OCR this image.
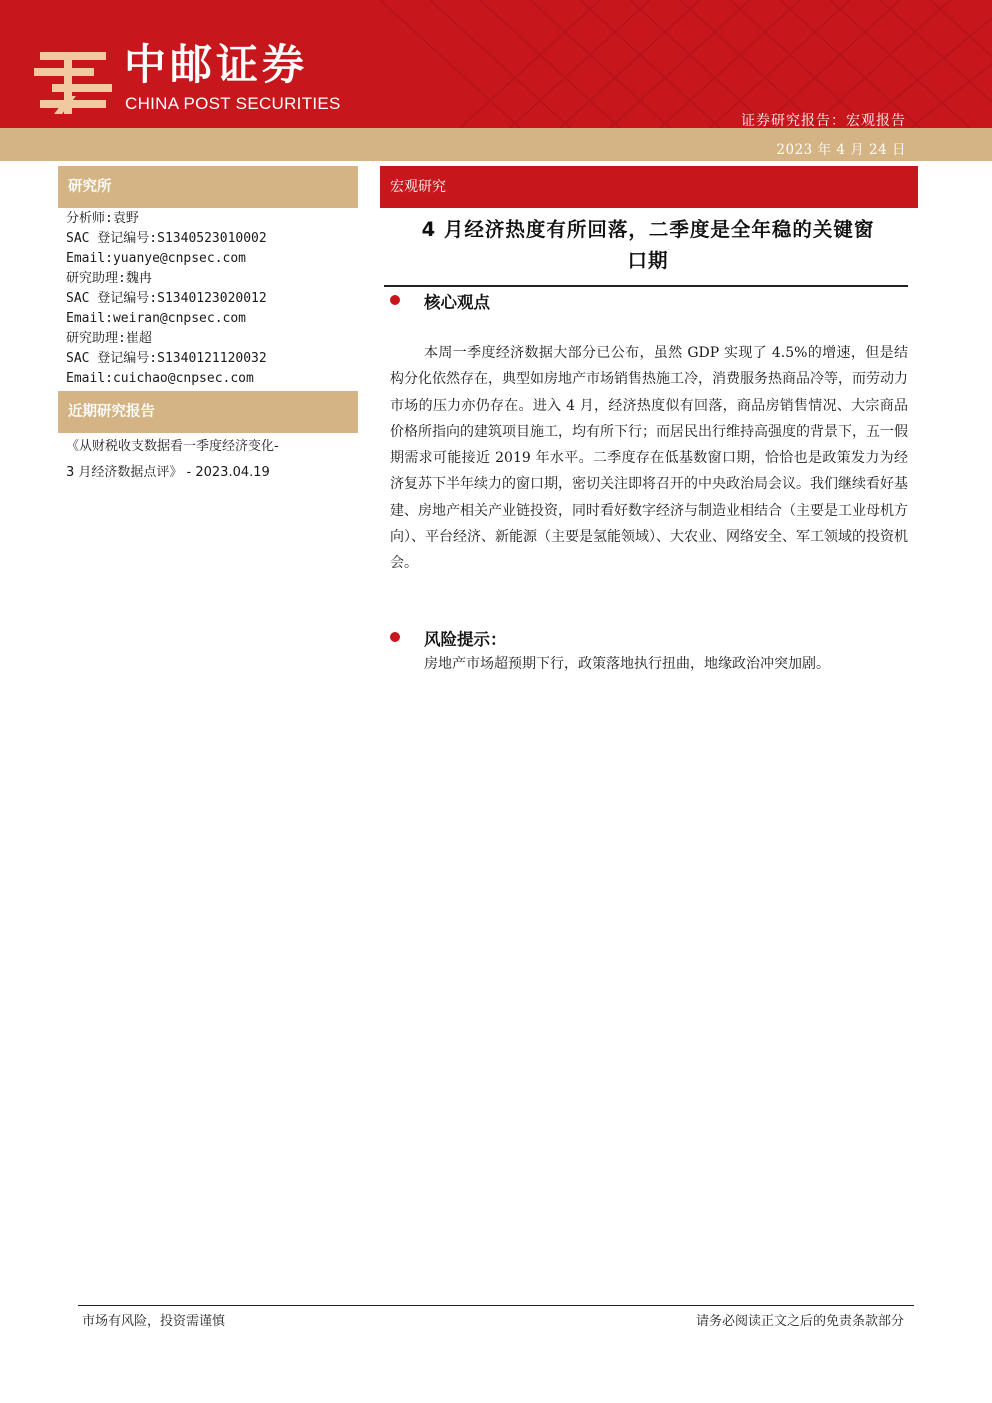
中邮证券
CHINA POST SECURITIES
证券研究报告：宏观报告
2023 年 4 月 24 日
研究所
分析师:袁野
SAC 登记编号:S1340523010002
Email:yuanye@cnpsec.com
研究助理:魏冉
SAC 登记编号:S1340123020012
Email:weiran@cnpsec.com
研究助理:崔超
SAC 登记编号:S1340121120032
Email:cuichao@cnpsec.com
近期研究报告
《从财税收支数据看一季度经济变化-
3 月经济数据点评》 - 2023.04.19
宏观研究
4 月经济热度有所回落，二季度是全年稳的关键窗
口期
核心观点
本周一季度经济数据大部分已公布，虽然 GDP 实现了 4.5%的增速，但是结构分化依然存在，典型如房地产市场销售热施工冷，消费服务热商品冷等，而劳动力市场的压力亦仍存在。进入 4 月，经济热度似有回落，商品房销售情况、大宗商品价格所指向的建筑项目施工，均有所下行；而居民出行维持高强度的背景下，五一假期需求可能接近 2019 年水平。二季度存在低基数窗口期，恰恰也是政策发力为经济复苏下半年续力的窗口期，密切关注即将召开的中央政治局会议。我们继续看好基建、房地产相关产业链投资，同时看好数字经济与制造业相结合（主要是工业母机方向）、平台经济、新能源（主要是氢能领域）、大农业、网络安全、军工领域的投资机会。
风险提示：
房地产市场超预期下行，政策落地执行扭曲，地缘政治冲突加剧。
市场有风险，投资需谨慎	请务必阅读正文之后的免责条款部分
